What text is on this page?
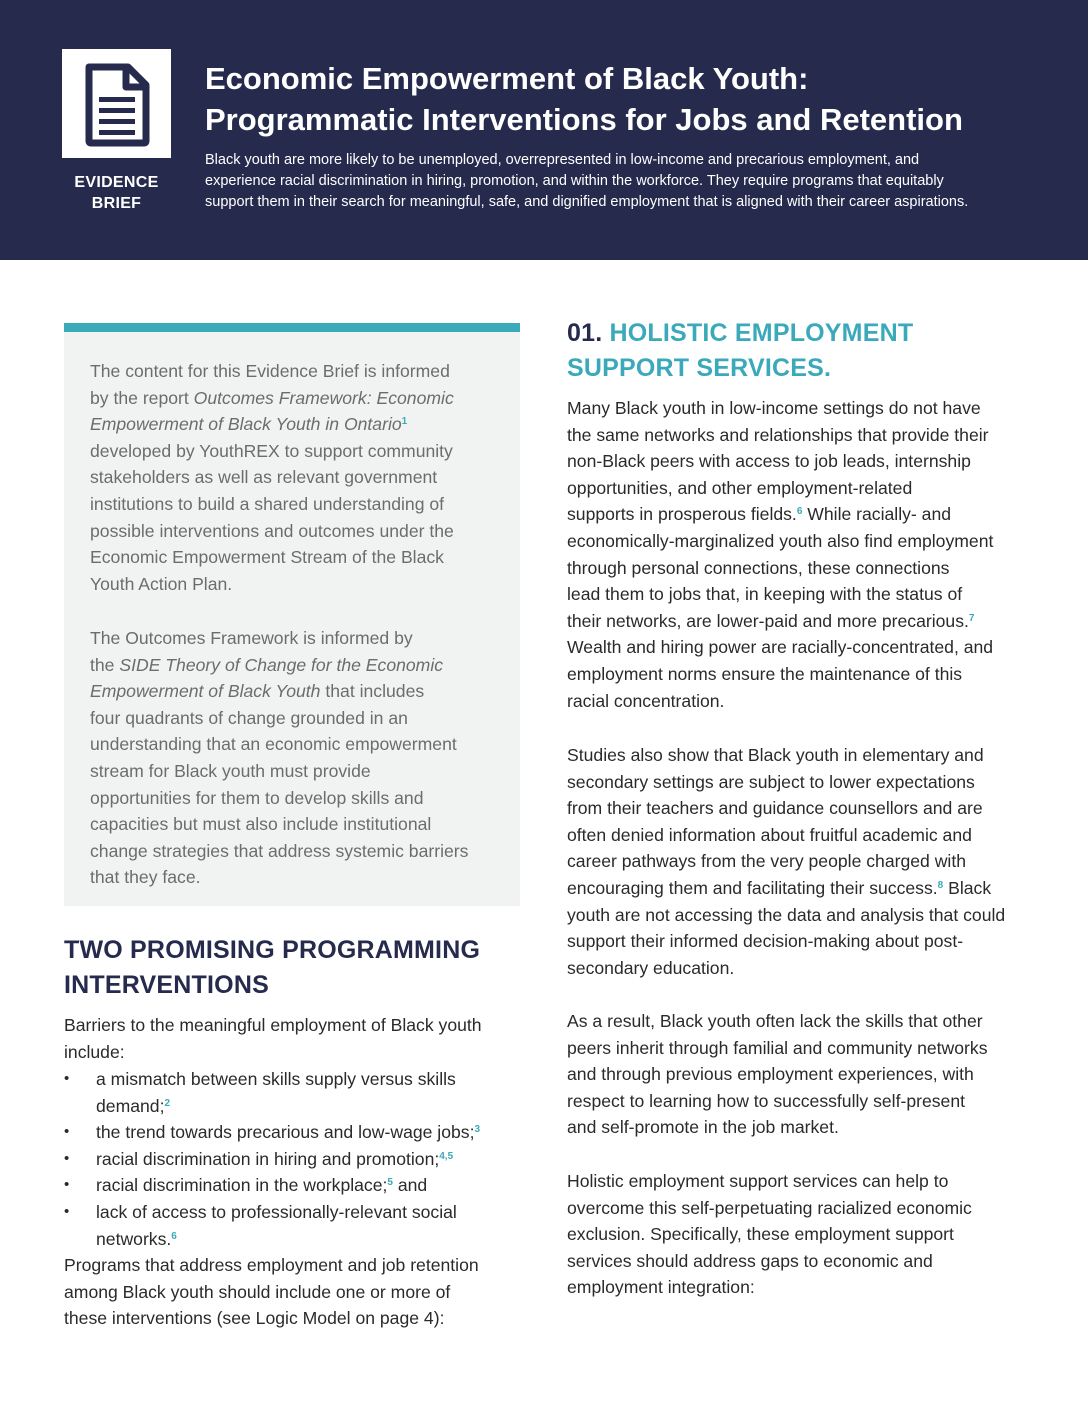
EVIDENCE
BRIEF
Economic Empowerment of Black Youth:
Programmatic Interventions for Jobs and Retention
Black youth are more likely to be unemployed, overrepresented in low-income and precarious employment, and
experience racial discrimination in hiring, promotion, and within the workforce. They require programs that equitably
support them in their search for meaningful, safe, and dignified employment that is aligned with their career aspirations.

The content for this Evidence Brief is informed
by the report Outcomes Framework: Economic
Empowerment of Black Youth in Ontario$^1$
developed by YouthREX to support community
stakeholders as well as relevant government
institutions to build a shared understanding of
possible interventions and outcomes under the
Economic Empowerment Stream of the Black
Youth Action Plan.

The Outcomes Framework is informed by
the SIDE Theory of Change for the Economic
Empowerment of Black Youth that includes
four quadrants of change grounded in an
understanding that an economic empowerment
stream for Black youth must provide
opportunities for them to develop skills and
capacities but must also include institutional
change strategies that address systemic barriers
that they face.

TWO PROMISING PROGRAMMING
INTERVENTIONS
Barriers to the meaningful employment of Black youth
include:
• a mismatch between skills supply versus skills
demand;$^2$
• the trend towards precarious and low-wage jobs;$^3$
• racial discrimination in hiring and promotion;$^{4,5}$
• racial discrimination in the workplace;$^5$ and
• lack of access to professionally-relevant social
networks.$^6$
Programs that address employment and job retention
among Black youth should include one or more of
these interventions (see Logic Model on page 4):
01. HOLISTIC EMPLOYMENT
SUPPORT SERVICES.
Many Black youth in low-income settings do not have
the same networks and relationships that provide their
non-Black peers with access to job leads, internship
opportunities, and other employment-related
supports in prosperous fields.$^6$ While racially- and
economically-marginalized youth also find employment
through personal connections, these connections
lead them to jobs that, in keeping with the status of
their networks, are lower-paid and more precarious.$^7$
Wealth and hiring power are racially-concentrated, and
employment norms ensure the maintenance of this
racial concentration.
Studies also show that Black youth in elementary and
secondary settings are subject to lower expectations
from their teachers and guidance counsellors and are
often denied information about fruitful academic and
career pathways from the very people charged with
encouraging them and facilitating their success.$^8$ Black
youth are not accessing the data and analysis that could
support their informed decision-making about post-
secondary education.
As a result, Black youth often lack the skills that other
peers inherit through familial and community networks
and through previous employment experiences, with
respect to learning how to successfully self-present
and self-promote in the job market.
Holistic employment support services can help to
overcome this self-perpetuating racialized economic
exclusion. Specifically, these employment support
services should address gaps to economic and
employment integration:
